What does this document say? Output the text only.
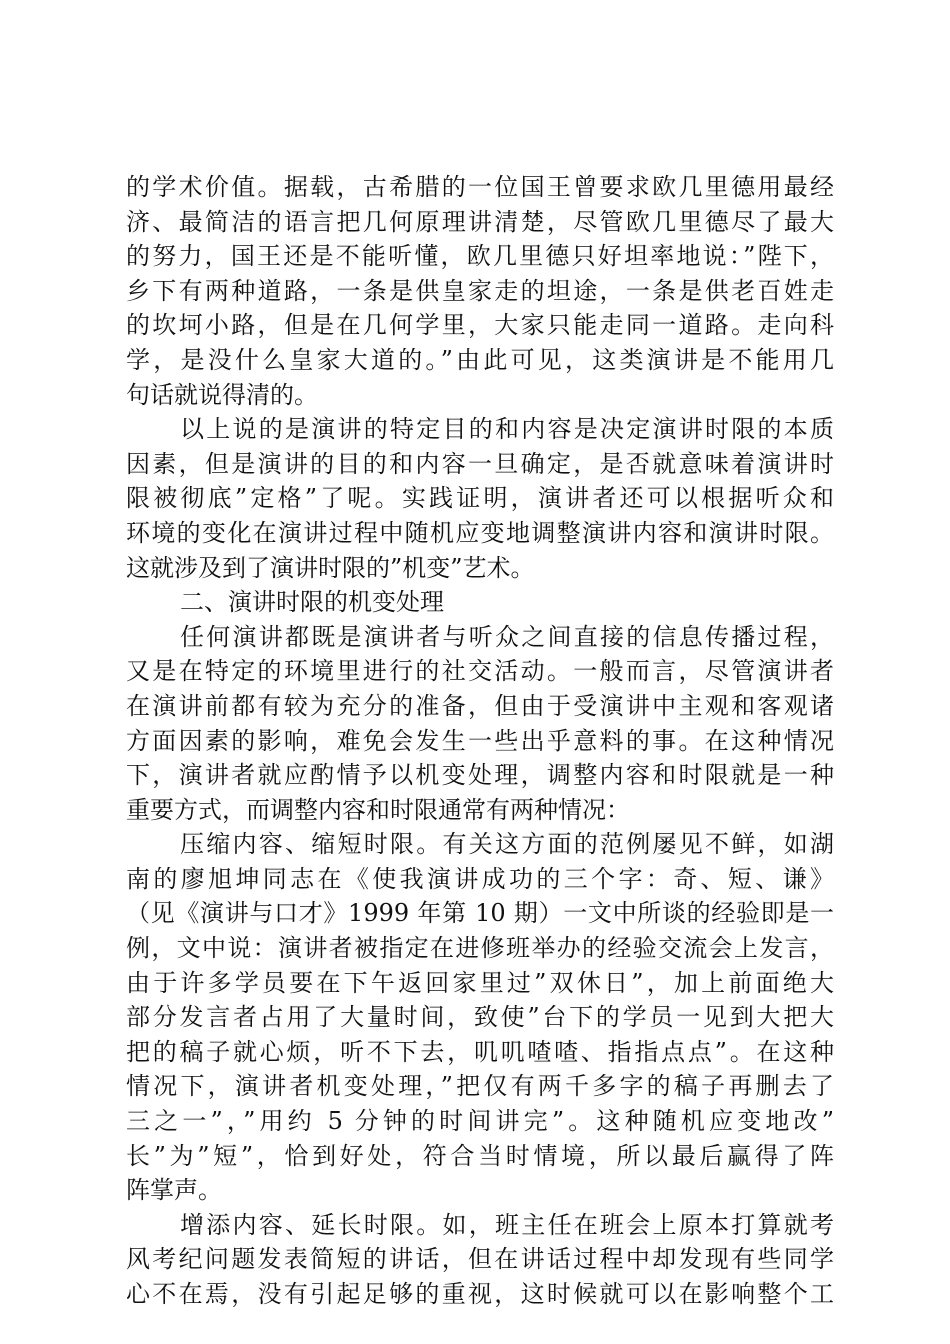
的学术价值。据载，古希腊的一位国王曾要求欧几里德用最经
济、最简洁的语言把几何原理讲清楚，尽管欧几里德尽了最大
的努力，国王还是不能听懂，欧几里德只好坦率地说：”陛下，
乡下有两种道路，一条是供皇家走的坦途，一条是供老百姓走
的坎坷小路，但是在几何学里，大家只能走同一道路。走向科
学，是没什么皇家大道的。”由此可见，这类演讲是不能用几
句话就说得清的。
以上说的是演讲的特定目的和内容是决定演讲时限的本质
因素，但是演讲的目的和内容一旦确定，是否就意味着演讲时
限被彻底”定格”了呢。实践证明，演讲者还可以根据听众和
环境的变化在演讲过程中随机应变地调整演讲内容和演讲时限。
这就涉及到了演讲时限的”机变”艺术。
二、演讲时限的机变处理
任何演讲都既是演讲者与听众之间直接的信息传播过程，
又是在特定的环境里进行的社交活动。一般而言，尽管演讲者
在演讲前都有较为充分的准备，但由于受演讲中主观和客观诸
方面因素的影响，难免会发生一些出乎意料的事。在这种情况
下，演讲者就应酌情予以机变处理，调整内容和时限就是一种
重要方式，而调整内容和时限通常有两种情况：
压缩内容、缩短时限。有关这方面的范例屡见不鲜，如湖
南的廖旭坤同志在《使我演讲成功的三个字：奇、短、谦》
（见《演讲与口才》1999 年第 10 期）一文中所谈的经验即是一
例，文中说：演讲者被指定在进修班举办的经验交流会上发言，
由于许多学员要在下午返回家里过”双休日”，加上前面绝大
部分发言者占用了大量时间，致使”台下的学员一见到大把大
把的稿子就心烦，听不下去，叽叽喳喳、指指点点”。在这种
情况下，演讲者机变处理，”把仅有两千多字的稿子再删去了
三之一”，”用约 5 分钟的时间讲完”。这种随机应变地改”
长”为”短”，恰到好处，符合当时情境，所以最后赢得了阵
阵掌声。
增添内容、延长时限。如，班主任在班会上原本打算就考
风考纪问题发表简短的讲话，但在讲话过程中却发现有些同学
心不在焉，没有引起足够的重视，这时候就可以在影响整个工
